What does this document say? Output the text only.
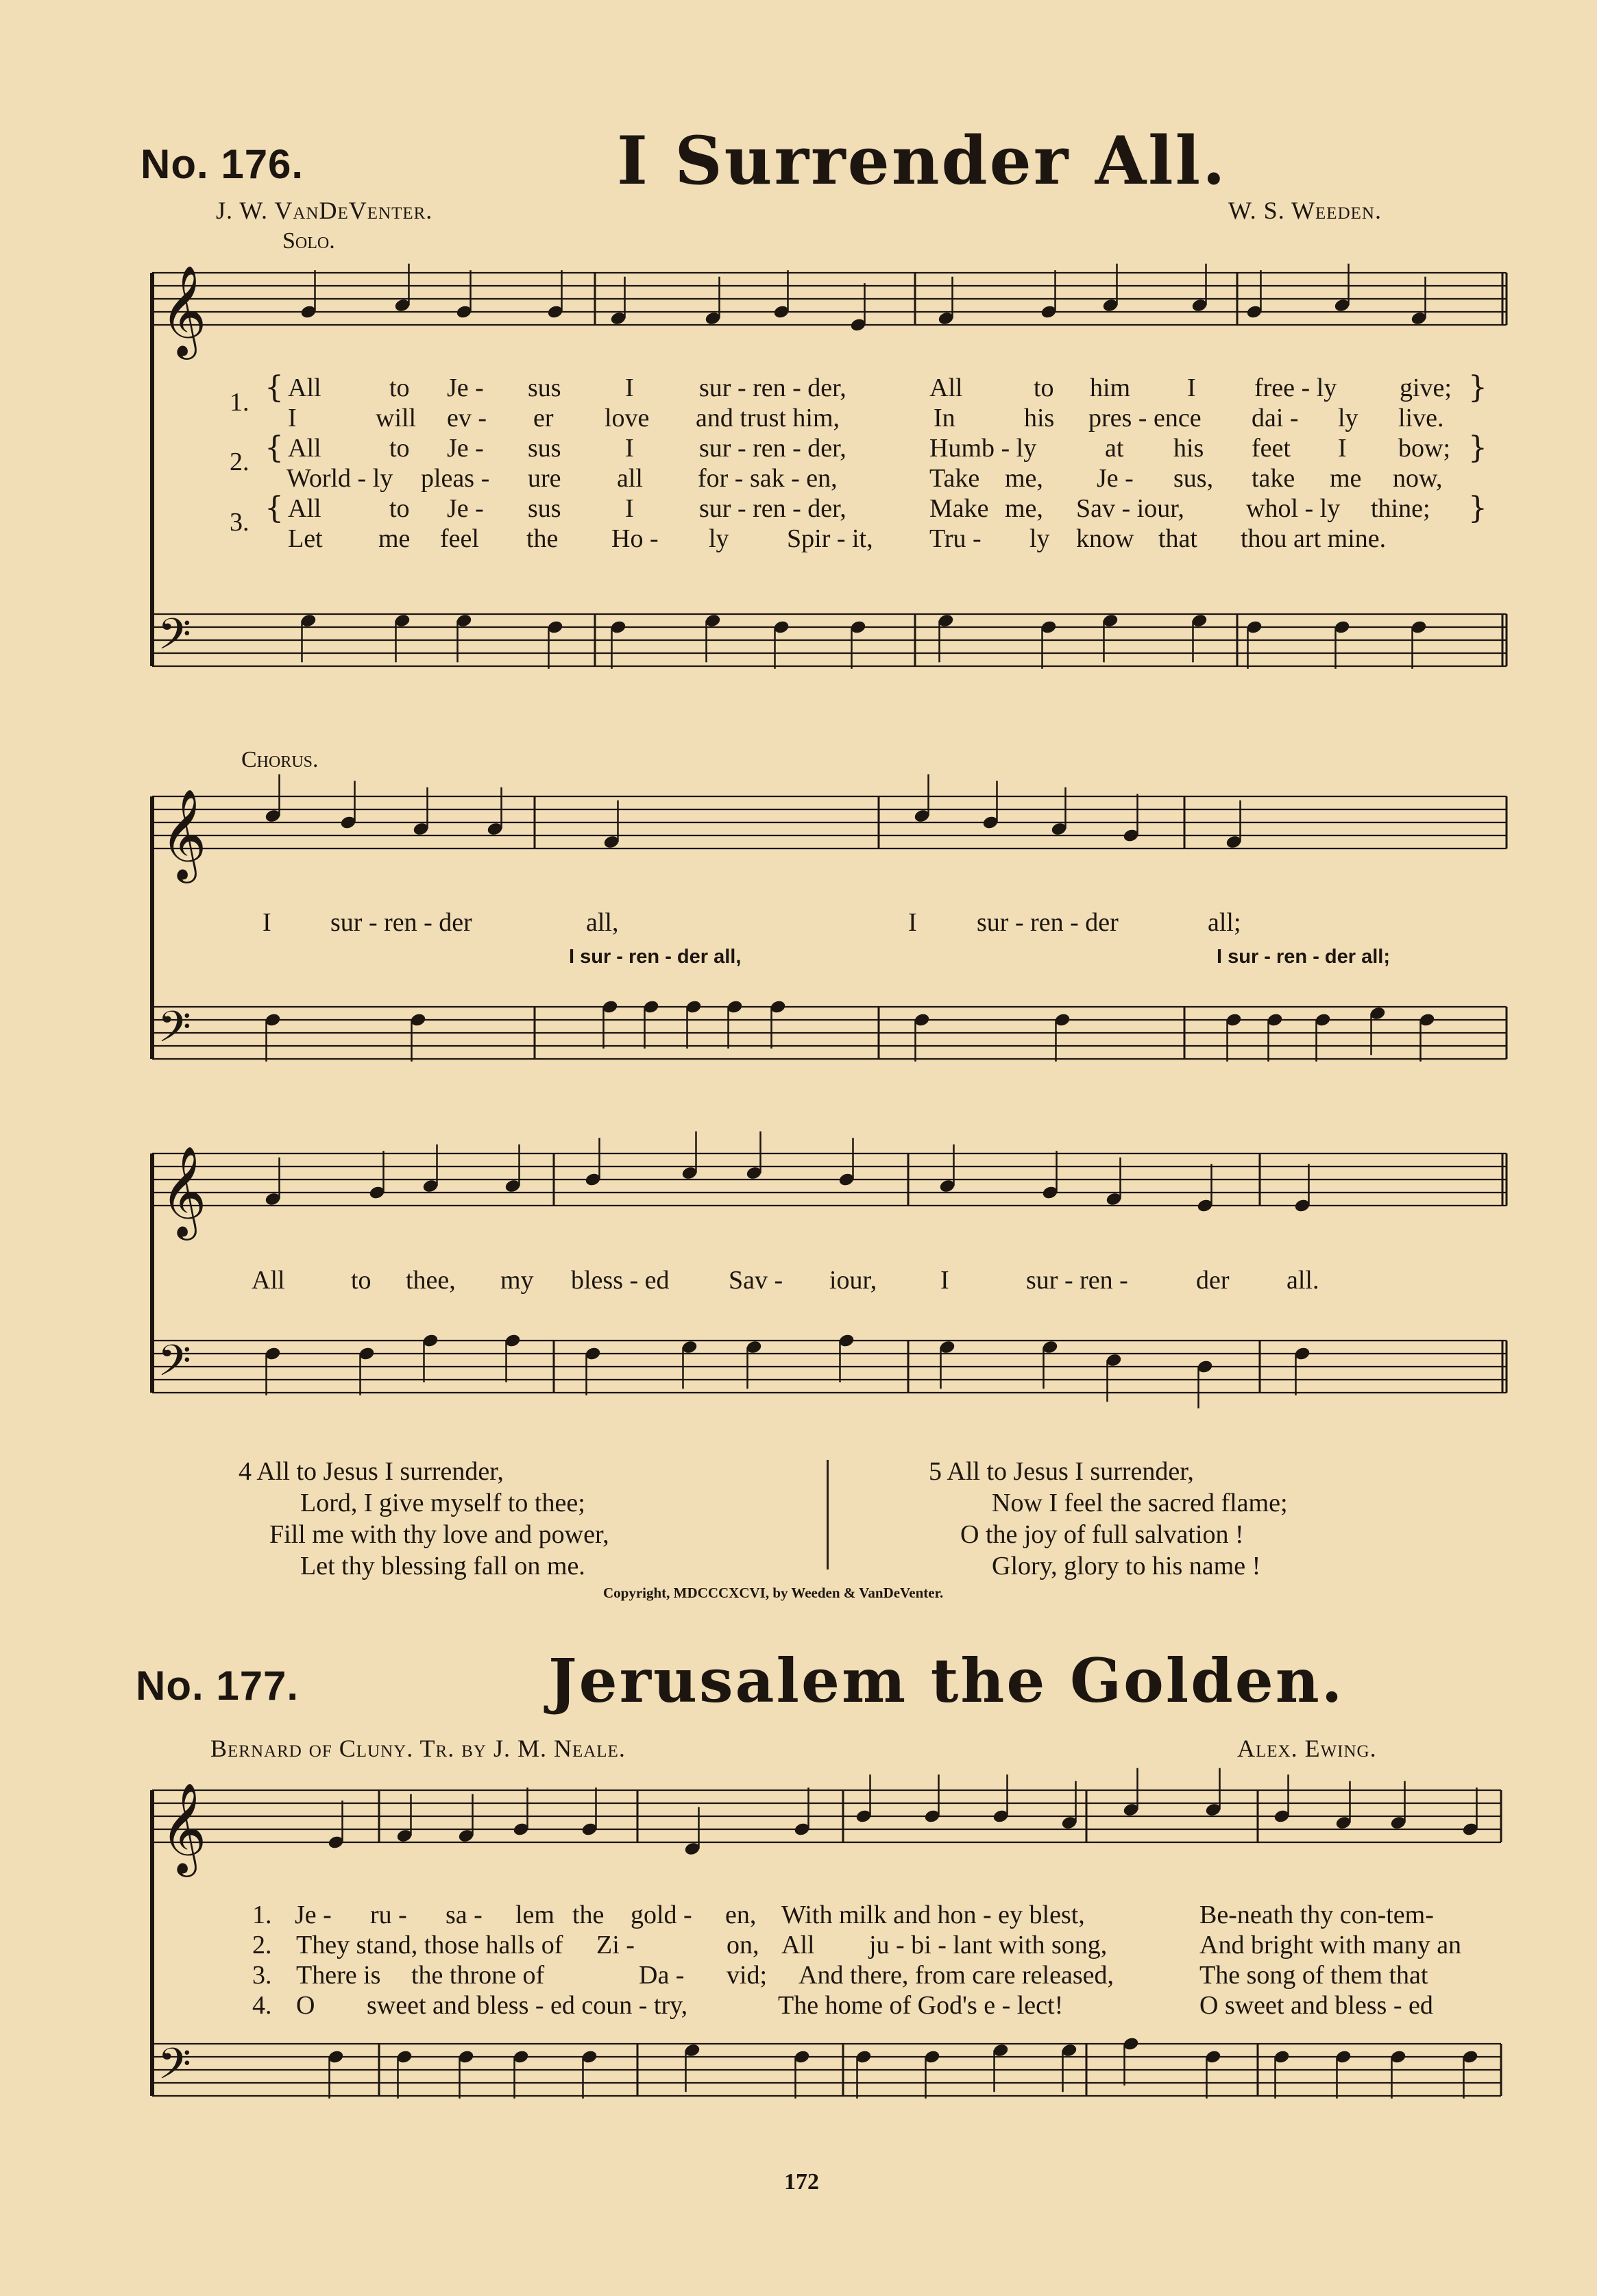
No. 176.	I Surrender All.
J. W. VanDeVenter.	W. S. Weeden.
Solo.
𝄞
𝄢
𝄞
𝄢
𝄞
𝄢
𝄞
𝄢
1.
2.
3.
{
{
{
}
}
}
All	to Je - sus I	sur - ren - der,	All	to him I free - ly give;
I	will ev - er love and trust him,	In	his pres - ence dai - ly live.
All	to Je - sus I	sur - ren - der,	Humb - ly	at his feet I bow;
World - ly pleas - ure all for - sak - en,	Take me, Je - sus, take me now,
All	to Je - sus I	sur - ren - der,	Make me, Sav - iour, whol - ly thine;
Let me feel the Ho - ly Spir - it, Tru - ly know that thou art mine.
Chorus.
I sur - ren - der	all,	I sur - ren - der	all;
I sur - ren - der all,	I sur - ren - der all;
All	to thee, my bless - ed Sav - iour, I	sur - ren -	der all.
4 All to Jesus I surrender,
Lord, I give myself to thee;
Fill me with thy love and power,
Let thy blessing fall on me.
5 All to Jesus I surrender,
Now I feel the sacred flame;
O the joy of full salvation !
Glory, glory to his name !
Copyright, MDCCCXCVI, by Weeden & VanDeVenter.
No. 177.	Jerusalem the Golden.
Bernard of Cluny. Tr. by J. M. Neale.	Alex. Ewing.
1. Je - ru - sa - lem the gold - en, With milk and hon - ey blest,	Be-neath thy con-tem-
2. They stand, those halls of Zi -	on, All ju - bi - lant with song,	And bright with many an
3. There is the throne of	Da - vid; And there, from care released,	The song of them that
4. O sweet and bless - ed coun - try,	The home of God's e - lect!	O sweet and bless - ed
172
